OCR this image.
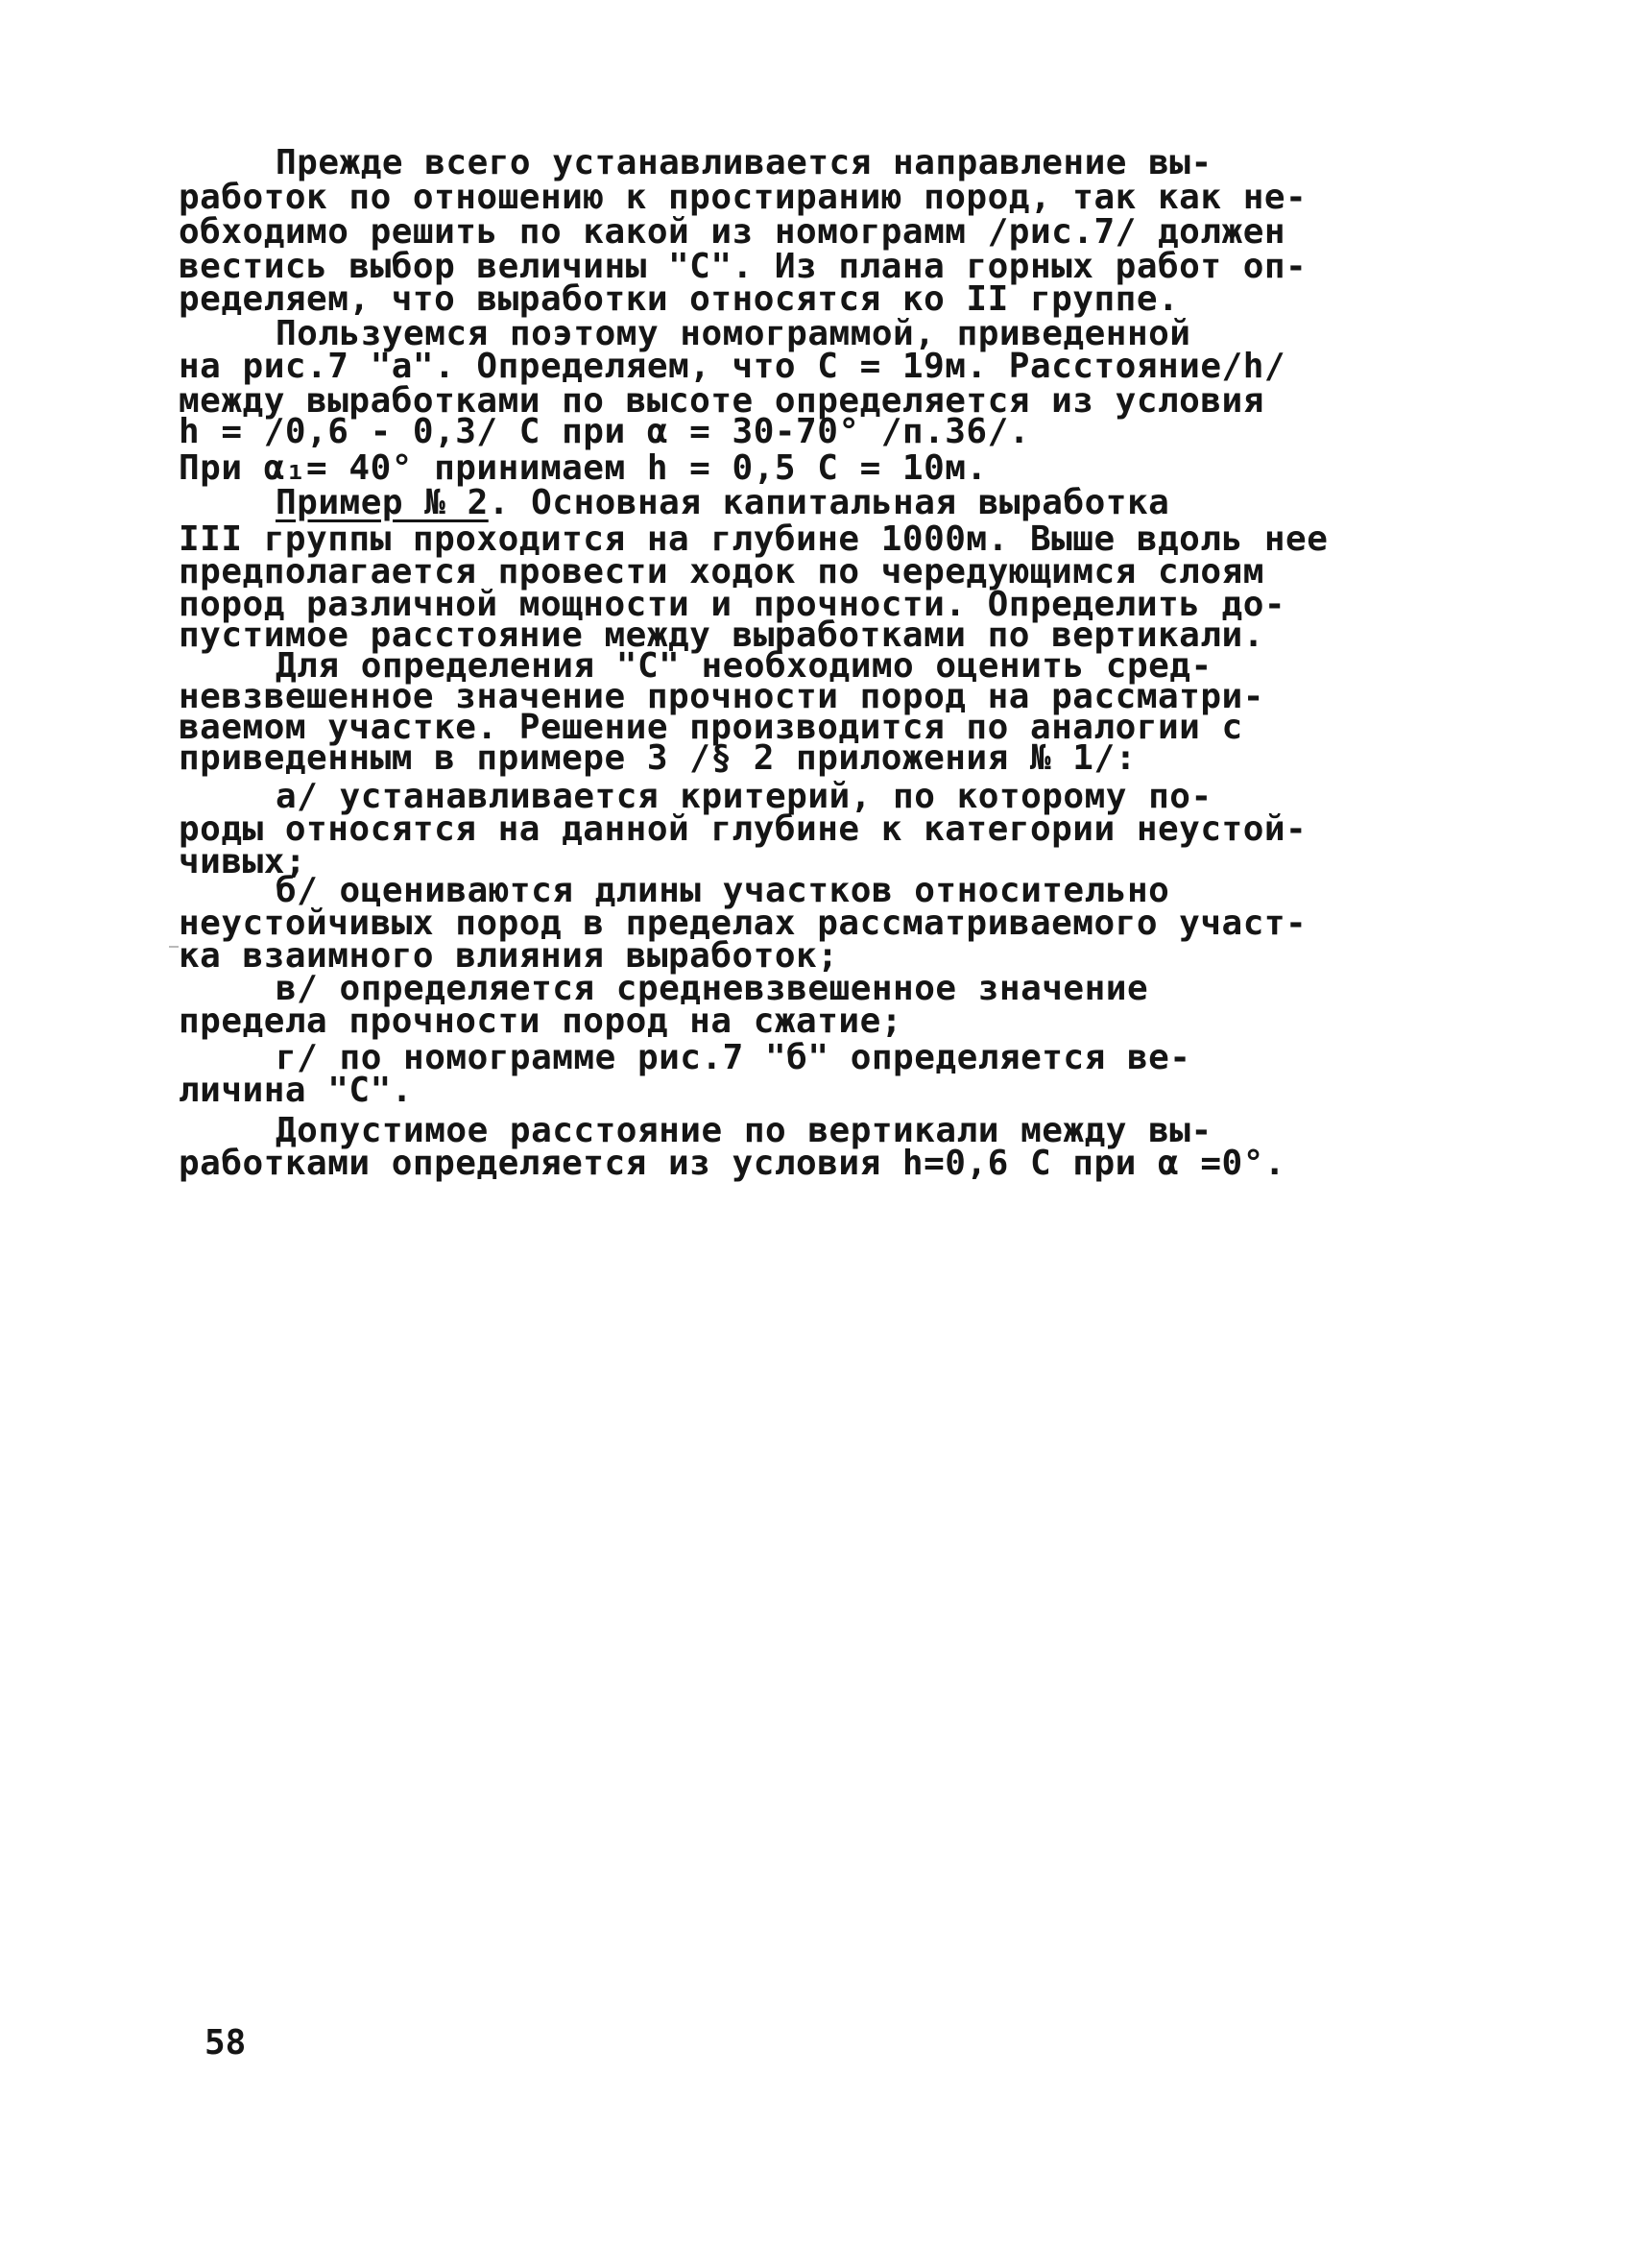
Прежде всего устанавливается направление вы-
работок по отношению к простиранию пород, так как не-
обходимо решить по какой из номограмм /рис.7/ должен
вестись выбор величины "С". Из плана горных работ оп-
ределяем, что выработки относятся ко II группе.
Пользуемся поэтому номограммой, приведенной
на рис.7 "а". Определяем, что С = 19м. Расстояние/h/
между выработками по высоте определяется из условия
h = /0,6 - 0,3/ С при α = 30-70° /п.36/.
При α₁= 40° принимаем h = 0,5 С = 10м.
Пример № 2. Основная капитальная выработка
III группы проходится на глубине 1000м. Выше вдоль нее
предполагается провести ходок по чередующимся слоям
пород различной мощности и прочности. Определить до-
пустимое расстояние между выработками по вертикали.
Для определения "С" необходимо оценить сред-
невзвешенное значение прочности пород на рассматри-
ваемом участке. Решение производится по аналогии с
приведенным в примере 3 /§ 2 приложения № 1/:
а/ устанавливается критерий, по которому по-
роды относятся на данной глубине к категории неустой-
чивых;
б/ оцениваются длины участков относительно
неустойчивых пород в пределах рассматриваемого участ-
ка взаимного влияния выработок;
в/ определяется средневзвешенное значение
предела прочности пород на сжатие;
г/ по номограмме рис.7 "б" определяется ве-
личина "С".
Допустимое расстояние по вертикали между вы-
работками определяется из условия h=0,6 С при α =0°.
58
